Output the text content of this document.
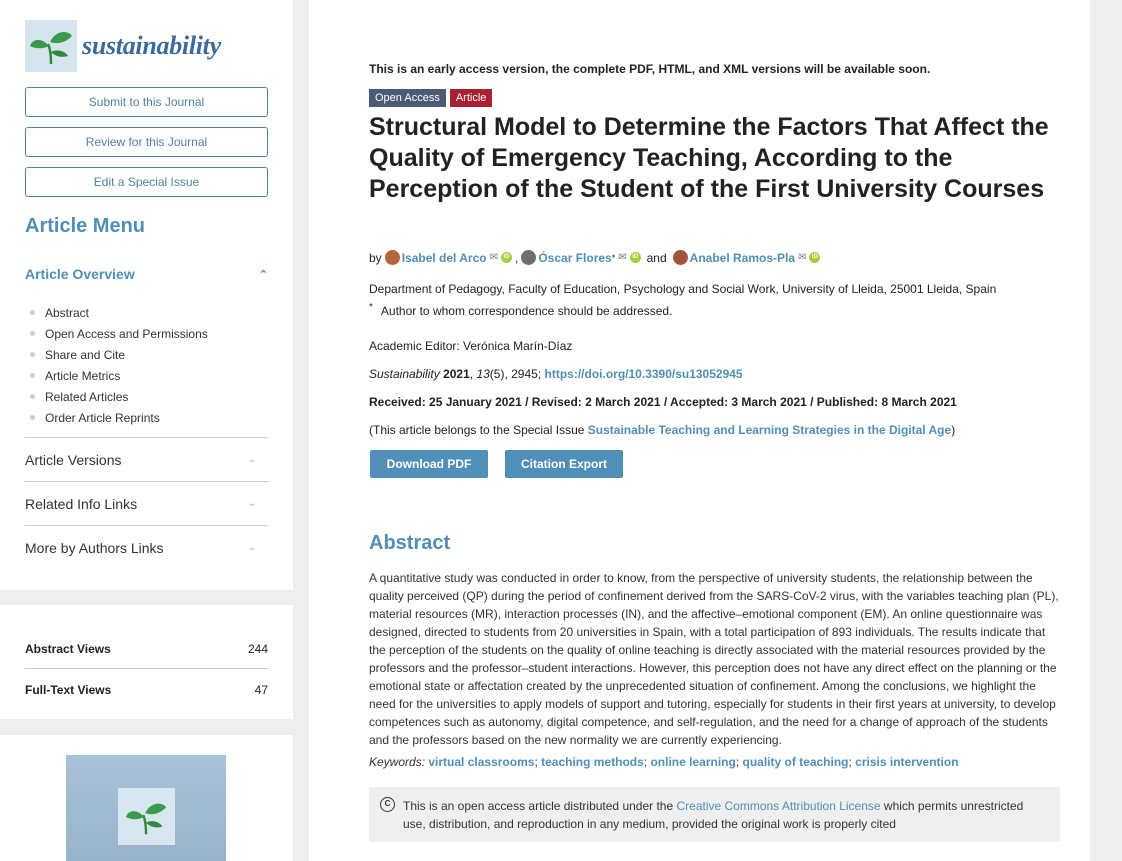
sustainability
Submit to this Journal
Review for this Journal
Edit a Special Issue
Article Menu
Article Overview	⌃
Abstract
Open Access and Permissions
Share and Cite
Article Metrics
Related Articles
Order Article Reprints
Article Versions	⌄
Related Info Links	⌄
More by Authors Links	⌄
Abstract Views	244
Full-Text Views	47
This is an early access version, the complete PDF, HTML, and XML versions will be available soon.
Open Access	Article
Structural Model to Determine the Factors That Affect the Quality of Emergency Teaching, According to the Perception of the Student of the First University Courses
by Isabel del Arco ✉ iD , Óscar Flores * ✉ iD and Anabel Ramos-Pla ✉ iD
Department of Pedagogy, Faculty of Education, Psychology and Social Work, University of Lleida, 25001 Lleida, Spain
* Author to whom correspondence should be addressed.
Academic Editor: Verónica Marín-Díaz
Sustainability 2021, 13(5), 2945; https://doi.org/10.3390/su13052945
Received: 25 January 2021 / Revised: 2 March 2021 / Accepted: 3 March 2021 / Published: 8 March 2021
(This article belongs to the Special Issue Sustainable Teaching and Learning Strategies in the Digital Age)
Download PDF	Citation Export
Abstract

A quantitative study was conducted in order to know, from the perspective of university students, the relationship between the quality perceived (QP) during the period of confinement derived from the SARS-CoV-2 virus, with the variables teaching plan (PL), material resources (MR), interaction processes (IN), and the affective–emotional component (EM). An online questionnaire was designed, directed to students from 20 universities in Spain, with a total participation of 893 individuals. The results indicate that the perception of the students on the quality of online teaching is directly associated with the material resources provided by the professors and the professor–student interactions. However, this perception does not have any direct effect on the planning or the emotional state or affectation created by the unprecedented situation of confinement. Among the conclusions, we highlight the need for the universities to apply models of support and tutoring, especially for students in their first years at university, to develop competences such as autonomy, digital competence, and self-regulation, and the need for a change of approach of the students and the professors based on the new normality we are currently experiencing.

Keywords: virtual classrooms; teaching methods; online learning; quality of teaching; crisis intervention
C	This is an open access article distributed under the Creative Commons Attribution License which permits unrestricted use, distribution, and reproduction in any medium, provided the original work is properly cited
